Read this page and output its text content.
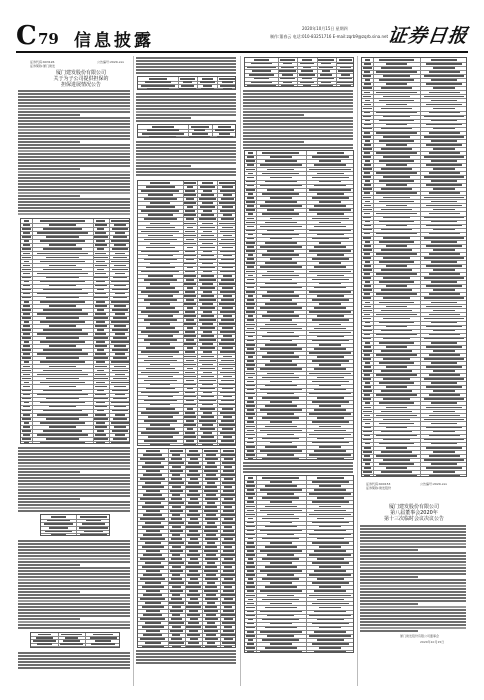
C 79 信息披露
2020年10月15日 星期四
制作:董春云 电话:010-83251716 E-mail:zqrb9@zqrb.sina.net
证券日报
证券代码:603126
证券简称:厦门建发
公告编号:2020-xxx
厦门建发股份有限公司
关于为子公司提供担保的
担保进展情况公告
证券代码:600153
证券简称:建发股份
公告编号:2020-xxx
厦门建发股份有限公司
第八届董事会2020年
第十三次临时会议决议公告
厦门建发股份有限公司董事会
2020年10月15日
